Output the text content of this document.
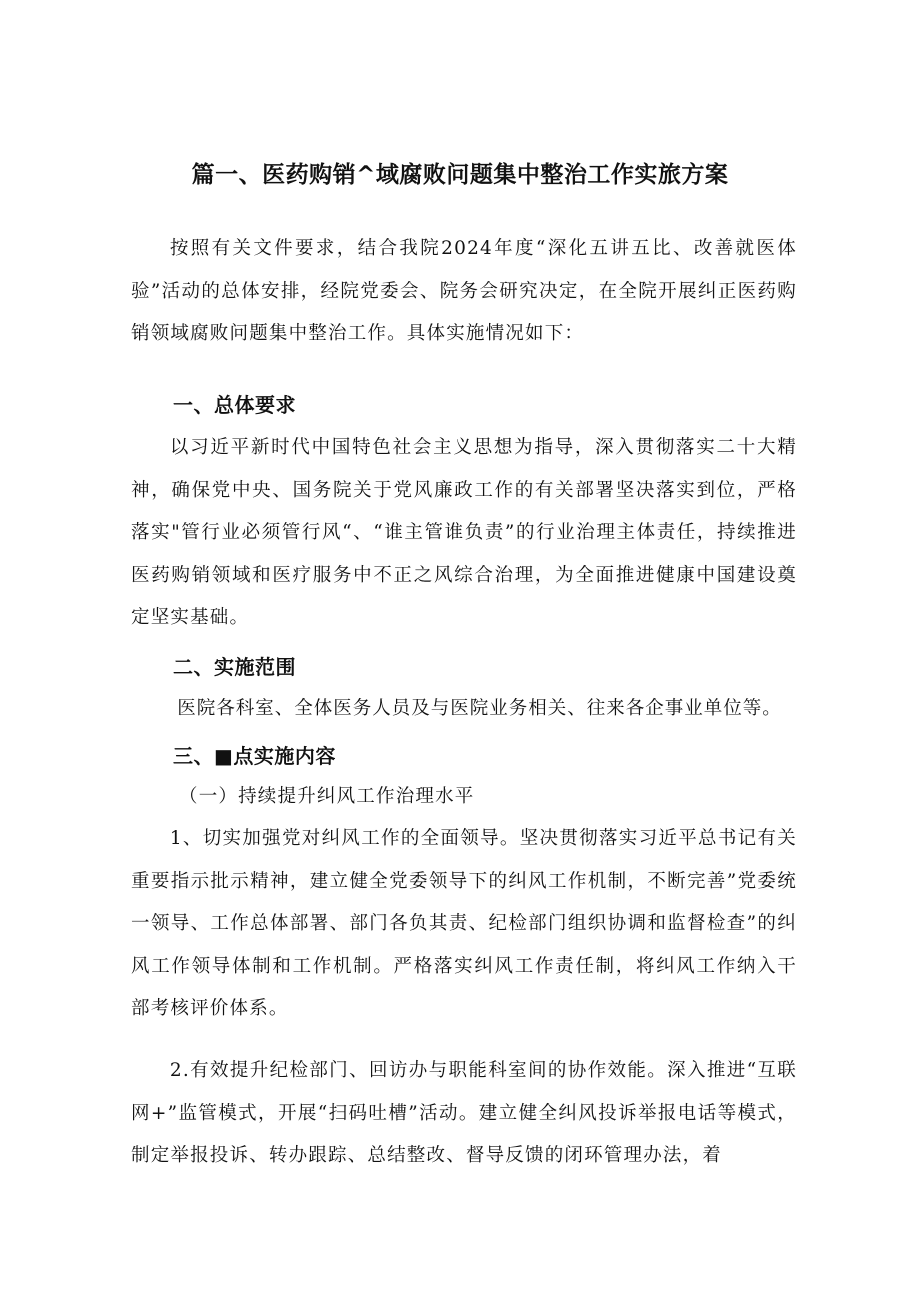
篇一、医药购销^域腐败问题集中整治工作实旅方案

按照有关文件要求，结合我院2024年度“深化五讲五比、改善就医体验”活动的总体安排，经院党委会、院务会研究决定，在全院开展纠正医药购销领域腐败问题集中整治工作。具体实施情况如下：

一、总体要求

以习近平新时代中国特色社会主义思想为指导，深入贯彻落实二十大精神，确保党中央、国务院关于党风廉政工作的有关部署坚决落实到位，严格落实"管行业必须管行风“、“谁主管谁负责”的行业治理主体责任，持续推进医药购销领域和医疗服务中不正之风综合治理，为全面推进健康中国建设奠定坚实基础。

二、实施范围

医院各科室、全体医务人员及与医院业务相关、往来各企事业单位等。

三、■点实施内容
（一）持续提升纠风工作治理水平

1、切实加强党对纠风工作的全面领导。坚决贯彻落实习近平总书记有关重要指示批示精神，建立健全党委领导下的纠风工作机制，不断完善”党委统一领导、工作总体部署、部门各负其责、纪检部门组织协调和监督检查”的纠风工作领导体制和工作机制。严格落实纠风工作责任制，将纠风工作纳入干部考核评价体系。

2.有效提升纪检部门、回访办与职能科室间的协作效能。深入推进“互联网+”监管模式，开展“扫码吐槽”活动。建立健全纠风投诉举报电话等模式，制定举报投诉、转办跟踪、总结整改、督导反馈的闭环管理办法，着
